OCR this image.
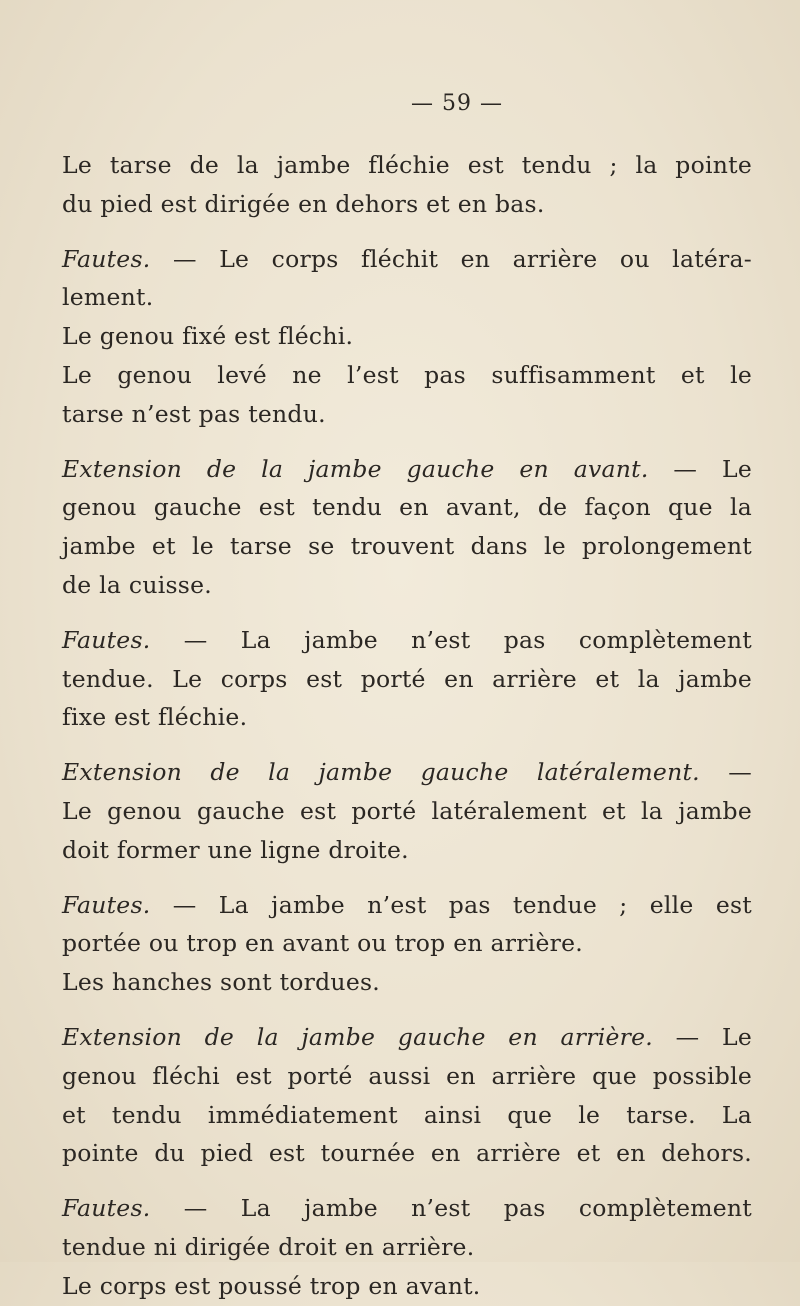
— 59 —

Le tarse de la jambe fléchie est tendu ; la pointe
du pied est dirigée en dehors et en bas.

Fautes. — Le corps fléchit en arrière ou latéra-
lement.
Le genou fixé est fléchi.
Le genou levé ne l’est pas suffisamment et le
tarse n’est pas tendu.

Extension de la jambe gauche en avant. — Le
genou gauche est tendu en avant, de façon que la
jambe et le tarse se trouvent dans le prolongement
de la cuisse.

Fautes. — La jambe n’est pas complètement
tendue. Le corps est porté en arrière et la jambe
fixe est fléchie.

Extension de la jambe gauche latéralement. —
Le genou gauche est porté latéralement et la jambe
doit former une ligne droite.

Fautes. — La jambe n’est pas tendue ; elle est
portée ou trop en avant ou trop en arrière.
Les hanches sont tordues.

Extension de la jambe gauche en arrière. — Le
genou fléchi est porté aussi en arrière que possible
et tendu immédiatement ainsi que le tarse. La
pointe du pied est tournée en arrière et en dehors.

Fautes. — La jambe n’est pas complètement
tendue ni dirigée droit en arrière.
Le corps est poussé trop en avant.
